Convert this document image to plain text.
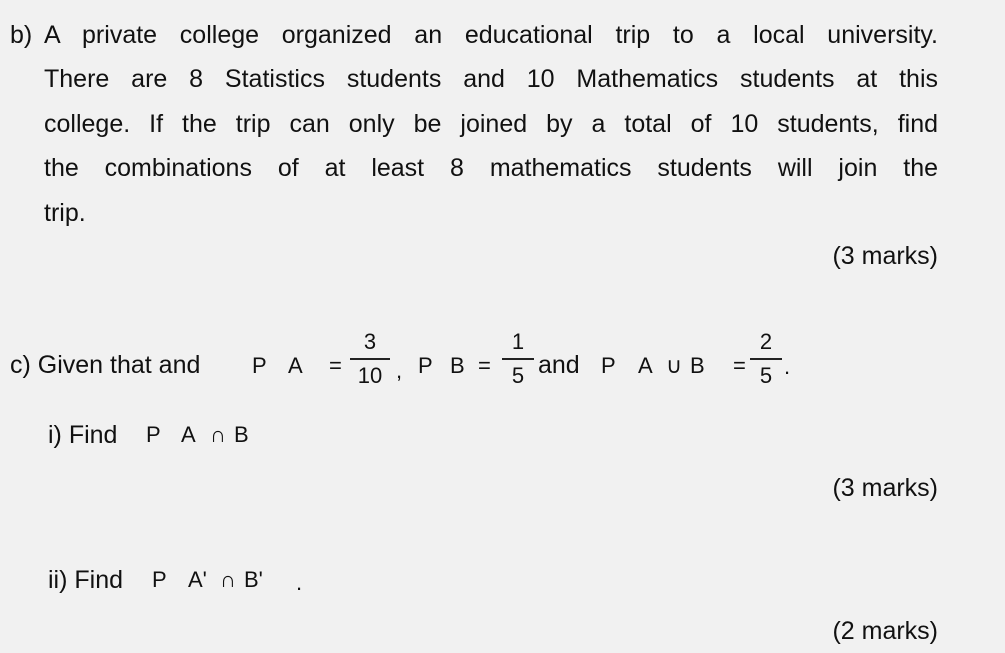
b) A private college organized an educational trip to a local university.
There are 8 Statistics students and 10 Mathematics students at this
college. If the trip can only be joined by a total of 10 students, find
the combinations of at least 8 mathematics students will join the
trip.
(3 marks)
c) Given that and P A =
3
10 , P B =
1
5 and P A ∪ B =
2
5 .
i) Find P A ∩ B
(3 marks)
ii) Find P A' ∩ B' .
(2 marks)
